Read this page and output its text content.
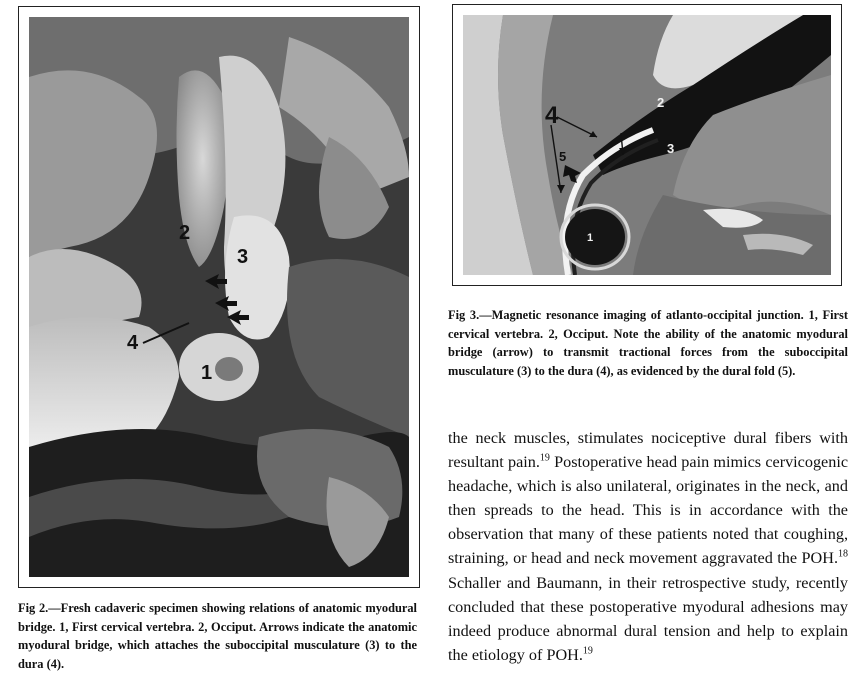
2
3
4
1
4
5
2
3
1
Fig 3.—Magnetic resonance imaging of atlanto-occipital junction. 1, First cervical vertebra. 2, Occiput. Note the ability of the anatomic myodural bridge (arrow) to transmit tractional forces from the suboccipital musculature (3) to the dura (4), as evidenced by the dural fold (5).
Fig 2.—Fresh cadaveric specimen showing relations of anatomic myodural bridge. 1, First cervical vertebra. 2, Occiput. Arrows indicate the anatomic myodural bridge, which attaches the suboccipital musculature (3) to the dura (4).
the neck muscles, stimulates nociceptive dural fibers with resultant pain.$^{19}$ Postoperative head pain mimics cervicogenic headache, which is also unilateral, originates in the neck, and then spreads to the head. This is in accordance with the observation that many of these patients noted that coughing, straining, or head and neck movement aggravated the POH.$^{18}$ Schaller and Baumann, in their retrospective study, recently concluded that these postoperative myodural adhesions may indeed produce abnormal dural tension and help to explain the etiology of POH.$^{19}$
